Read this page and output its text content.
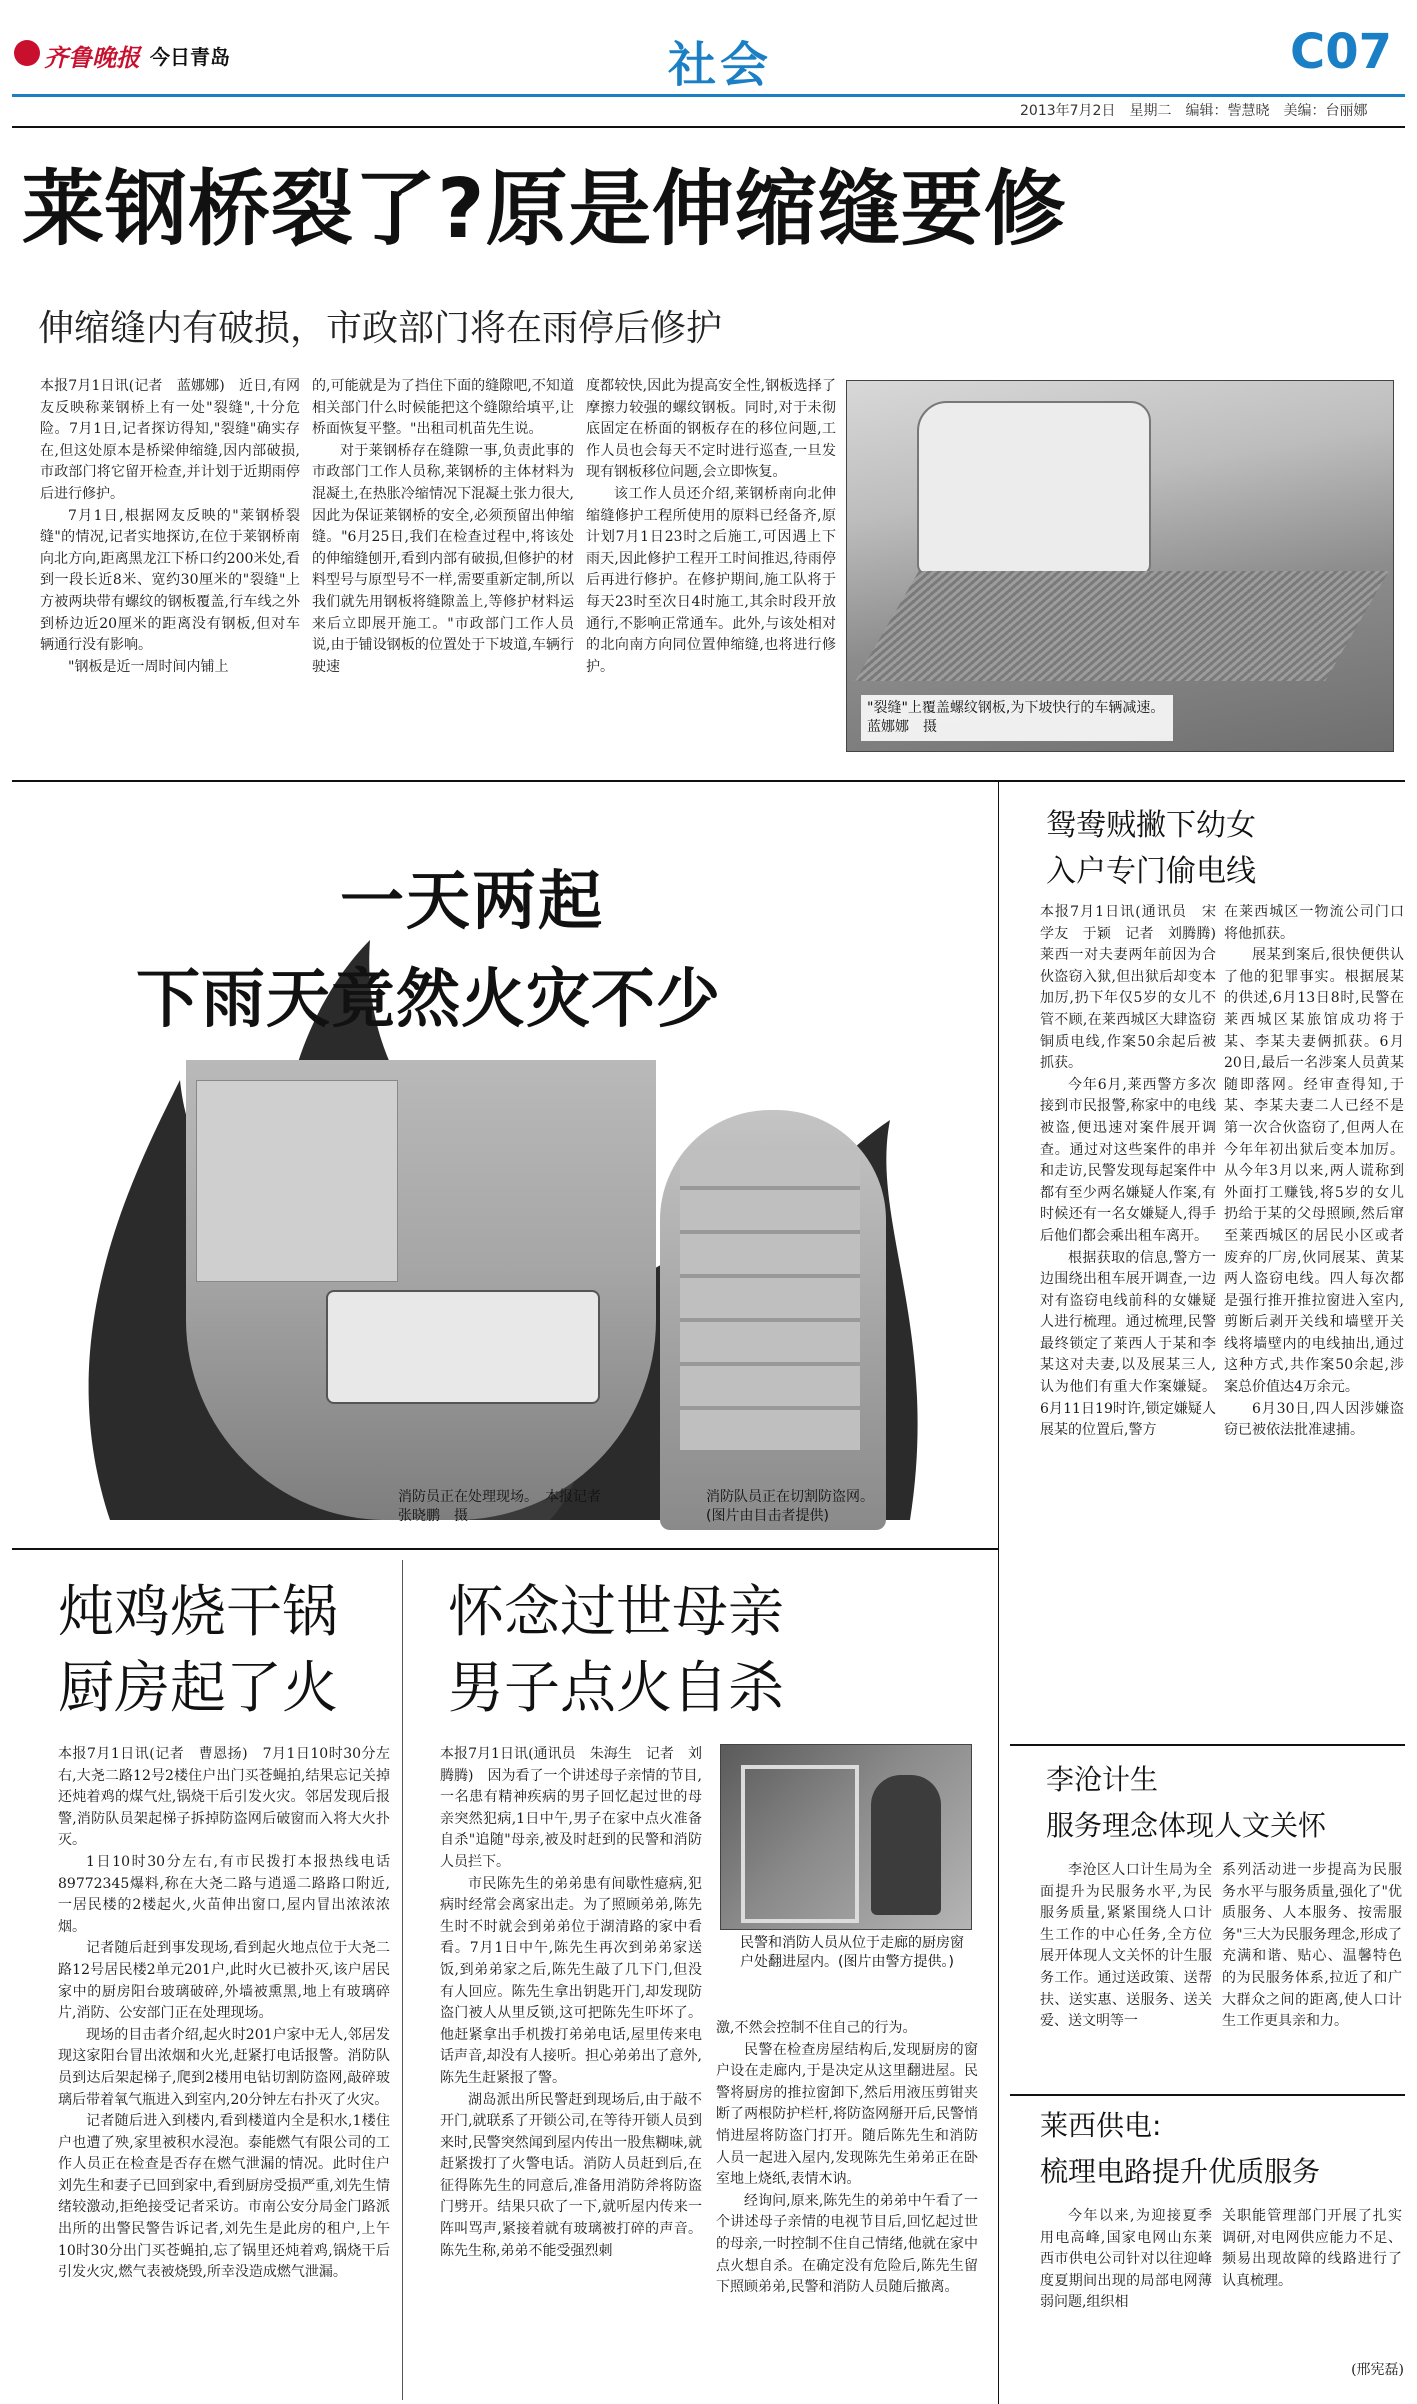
齐鲁晚报 今日青岛	社会	C07
2013年7月2日　 星期二　 编辑：訾慧晓　 美编：台丽娜
莱钢桥裂了?原是伸缩缝要修
伸缩缝内有破损，市政部门将在雨停后修护

本报7月1日讯(记者　蓝娜娜)　近日,有网友反映称莱钢桥上有一处"裂缝",十分危险。7月1日,记者探访得知,"裂缝"确实存在,但这处原本是桥梁伸缩缝,因内部破损,市政部门将它留开检查,并计划于近期雨停后进行修护。

7月1日,根据网友反映的"莱钢桥裂缝"的情况,记者实地探访,在位于莱钢桥南向北方向,距离黑龙江下桥口约200米处,看到一段长近8米、宽约30厘米的"裂缝"上方被两块带有螺纹的钢板覆盖,行车线之外到桥边近20厘米的距离没有钢板,但对车辆通行没有影响。

"钢板是近一周时间内铺上

的,可能就是为了挡住下面的缝隙吧,不知道相关部门什么时候能把这个缝隙给填平,让桥面恢复平整。"出租司机苗先生说。

对于莱钢桥存在缝隙一事,负责此事的市政部门工作人员称,莱钢桥的主体材料为混凝土,在热胀冷缩情况下混凝土张力很大,因此为保证莱钢桥的安全,必须预留出伸缩缝。"6月25日,我们在检查过程中,将该处的伸缩缝刨开,看到内部有破损,但修护的材料型号与原型号不一样,需要重新定制,所以我们就先用钢板将缝隙盖上,等修护材料运来后立即展开施工。"市政部门工作人员说,由于铺设钢板的位置处于下坡道,车辆行驶速

度都较快,因此为提高安全性,钢板选择了摩擦力较强的螺纹钢板。同时,对于未彻底固定在桥面的钢板存在的移位问题,工作人员也会每天不定时进行巡查,一旦发现有钢板移位问题,会立即恢复。

该工作人员还介绍,莱钢桥南向北伸缩缝修护工程所使用的原料已经备齐,原计划7月1日23时之后施工,可因遇上下雨天,因此修护工程开工时间推迟,待雨停后再进行修护。在修护期间,施工队将于每天23时至次日4时施工,其余时段开放通行,不影响正常通车。此外,与该处相对的北向南方向同位置伸缩缝,也将进行修护。

"裂缝"上覆盖螺纹钢板,为下坡快行的车辆减速。　蓝娜娜　摄
一天两起
下雨天竟然火灾不少
消防员正在处理现场。　本报记者　张晓鹏　摄
消防队员正在切割防盗网。(图片由目击者提供)
炖鸡烧干锅
厨房起了火

本报7月1日讯(记者　曹恩扬)　7月1日10时30分左右,大尧二路12号2楼住户出门买苍蝇拍,结果忘记关掉还炖着鸡的煤气灶,锅烧干后引发火灾。邻居发现后报警,消防队员架起梯子拆掉防盗网后破窗而入将大火扑灭。

1日10时30分左右,有市民拨打本报热线电话89772345爆料,称在大尧二路与逍遥二路路口附近,一居民楼的2楼起火,火苗伸出窗口,屋内冒出浓浓浓烟。

记者随后赶到事发现场,看到起火地点位于大尧二路12号居民楼2单元201户,此时火已被扑灭,该户居民家中的厨房阳台玻璃破碎,外墙被熏黑,地上有玻璃碎片,消防、公安部门正在处理现场。

现场的目击者介绍,起火时201户家中无人,邻居发现这家阳台冒出浓烟和火光,赶紧打电话报警。消防队员到达后架起梯子,爬到2楼用电钻切割防盗网,敲碎玻璃后带着氧气瓶进入到室内,20分钟左右扑灭了火灾。

记者随后进入到楼内,看到楼道内全是积水,1楼住户也遭了殃,家里被积水浸泡。泰能燃气有限公司的工作人员正在检查是否存在燃气泄漏的情况。此时住户刘先生和妻子已回到家中,看到厨房受损严重,刘先生情绪较激动,拒绝接受记者采访。市南公安分局金门路派出所的出警民警告诉记者,刘先生是此房的租户,上午10时30分出门买苍蝇拍,忘了锅里还炖着鸡,锅烧干后引发火灾,燃气表被烧毁,所幸没造成燃气泄漏。

怀念过世母亲
男子点火自杀

本报7月1日讯(通讯员　朱海生　记者　刘腾腾)　因为看了一个讲述母子亲情的节目,一名患有精神疾病的男子回忆起过世的母亲突然犯病,1日中午,男子在家中点火准备自杀"追随"母亲,被及时赶到的民警和消防人员拦下。

市民陈先生的弟弟患有间歇性癔病,犯病时经常会离家出走。为了照顾弟弟,陈先生时不时就会到弟弟位于湖清路的家中看看。7月1日中午,陈先生再次到弟弟家送饭,到弟弟家之后,陈先生敲了几下门,但没有人回应。陈先生拿出钥匙开门,却发现防盗门被人从里反锁,这可把陈先生吓坏了。他赶紧拿出手机拨打弟弟电话,屋里传来电话声音,却没有人接听。担心弟弟出了意外,陈先生赶紧报了警。

湖岛派出所民警赶到现场后,由于敲不开门,就联系了开锁公司,在等待开锁人员到来时,民警突然闻到屋内传出一股焦糊味,就赶紧拨打了火警电话。消防人员赶到后,在征得陈先生的同意后,准备用消防斧将防盗门劈开。结果只砍了一下,就听屋内传来一阵叫骂声,紧接着就有玻璃被打碎的声音。陈先生称,弟弟不能受强烈刺

民警和消防人员从位于走廊的厨房窗户处翻进屋内。(图片由警方提供。)

激,不然会控制不住自己的行为。

民警在检查房屋结构后,发现厨房的窗户设在走廊内,于是决定从这里翻进屋。民警将厨房的推拉窗卸下,然后用液压剪钳夹断了两根防护栏杆,将防盗网掰开后,民警悄悄进屋将防盗门打开。随后陈先生和消防人员一起进入屋内,发现陈先生弟弟正在卧室地上烧纸,表情木讷。

经询问,原来,陈先生的弟弟中午看了一个讲述母子亲情的电视节目后,回忆起过世的母亲,一时控制不住自己情绪,他就在家中点火想自杀。在确定没有危险后,陈先生留下照顾弟弟,民警和消防人员随后撤离。

鸳鸯贼撇下幼女
入户专门偷电线

本报7月1日讯(通讯员　宋学友　于颖　记者　刘腾腾)　莱西一对夫妻两年前因为合伙盗窃入狱,但出狱后却变本加厉,扔下年仅5岁的女儿不管不顾,在莱西城区大肆盗窃铜质电线,作案50余起后被抓获。

今年6月,莱西警方多次接到市民报警,称家中的电线被盗,便迅速对案件展开调查。通过对这些案件的串并和走访,民警发现每起案件中都有至少两名嫌疑人作案,有时候还有一名女嫌疑人,得手后他们都会乘出租车离开。

根据获取的信息,警方一边围绕出租车展开调查,一边对有盗窃电线前科的女嫌疑人进行梳理。通过梳理,民警最终锁定了莱西人于某和李某这对夫妻,以及展某三人,认为他们有重大作案嫌疑。6月11日19时许,锁定嫌疑人展某的位置后,警方

在莱西城区一物流公司门口将他抓获。

展某到案后,很快便供认了他的犯罪事实。根据展某的供述,6月13日8时,民警在莱西城区某旅馆成功将于某、李某夫妻俩抓获。6月20日,最后一名涉案人员黄某随即落网。经审查得知,于某、李某夫妻二人已经不是第一次合伙盗窃了,但两人在今年年初出狱后变本加厉。从今年3月以来,两人谎称到外面打工赚钱,将5岁的女儿扔给于某的父母照顾,然后窜至莱西城区的居民小区或者废弃的厂房,伙同展某、黄某两人盗窃电线。四人每次都是强行推开推拉窗进入室内,剪断后剥开关线和墙壁开关线将墙壁内的电线抽出,通过这种方式,共作案50余起,涉案总价值达4万余元。

6月30日,四人因涉嫌盗窃已被依法批准逮捕。

李沧计生
服务理念体现人文关怀

李沧区人口计生局为全面提升为民服务水平,为民服务质量,紧紧围绕人口计生工作的中心任务,全方位展开体现人文关怀的计生服务工作。通过送政策、送帮扶、送实惠、送服务、送关爱、送文明等一

系列活动进一步提高为民服务水平与服务质量,强化了"优质服务、人本服务、按需服务"三大为民服务理念,形成了充满和谐、贴心、温馨特色的为民服务体系,拉近了和广大群众之间的距离,使人口计生工作更具亲和力。

莱西供电:
梳理电路提升优质服务

今年以来,为迎接夏季用电高峰,国家电网山东莱西市供电公司针对以往迎峰度夏期间出现的局部电网薄弱问题,组织相

关职能管理部门开展了扎实调研,对电网供应能力不足、频易出现故障的线路进行了认真梳理。

(邢宪磊)
